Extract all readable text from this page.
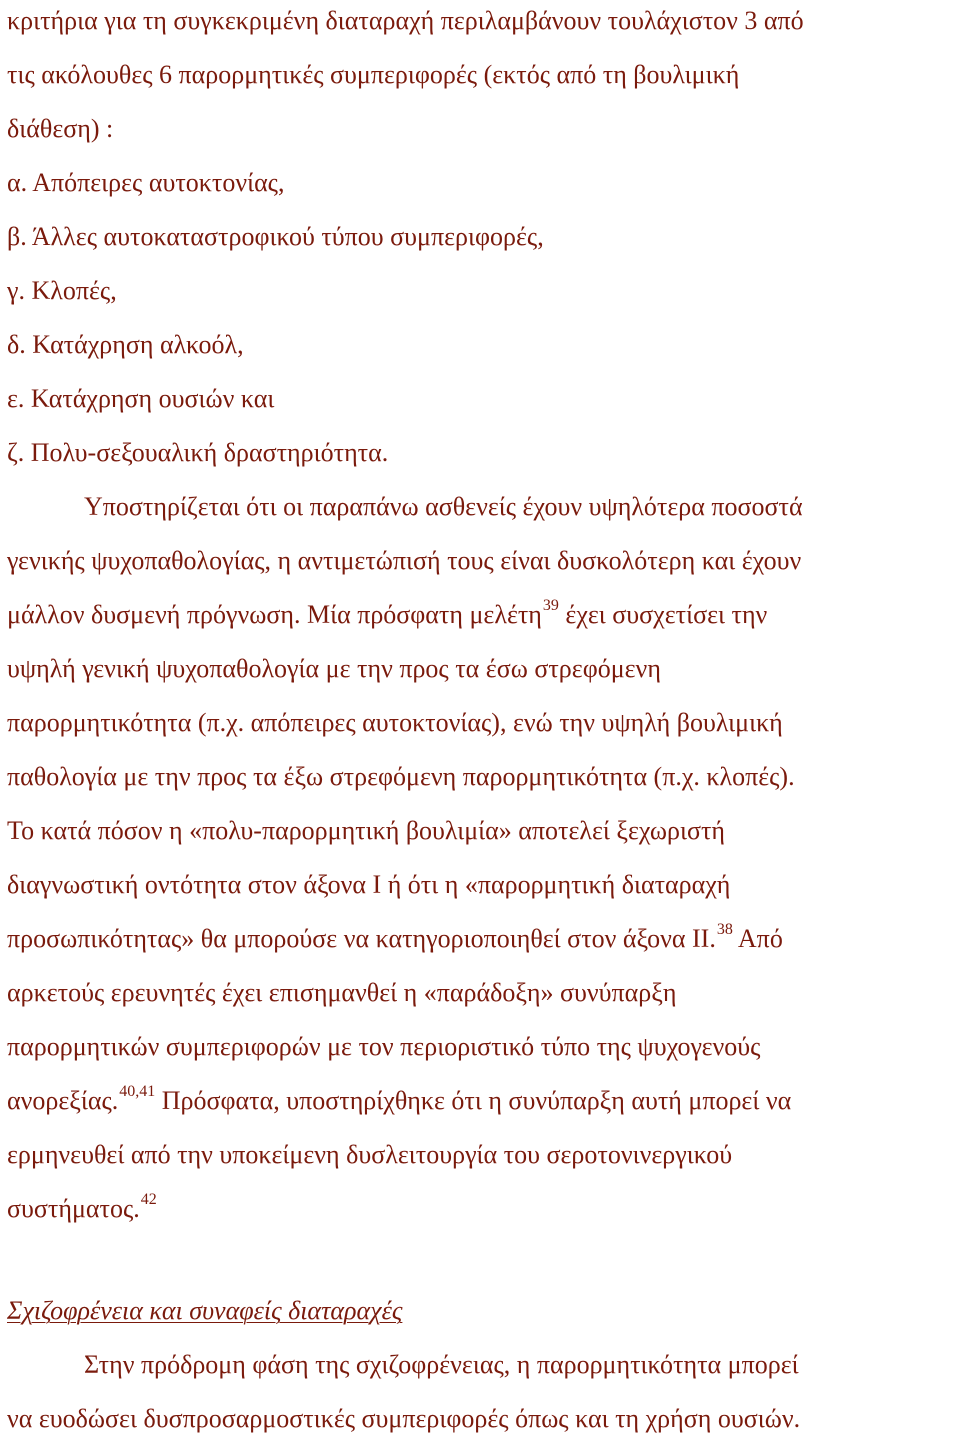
κριτήρια για τη συγκεκριμένη διαταραχή περιλαμβάνουν τουλάχιστον 3 από
τις ακόλουθες 6 παρορμητικές συμπεριφορές (εκτός από τη βουλιμική
διάθεση) :
α. Απόπειρες αυτοκτονίας,
β. Άλλες αυτοκαταστροφικού τύπου συμπεριφορές,
γ. Κλοπές,
δ. Κατάχρηση αλκοόλ,
ε. Κατάχρηση ουσιών και
ζ. Πολυ-σεξουαλική δραστηριότητα.
Υποστηρίζεται ότι οι παραπάνω ασθενείς έχουν υψηλότερα ποσοστά
γενικής ψυχοπαθολογίας, η αντιμετώπισή τους είναι δυσκολότερη και έχουν
μάλλον δυσμενή πρόγνωση. Μία πρόσφατη μελέτη$^{39}$ έχει συσχετίσει την
υψηλή γενική ψυχοπαθολογία με την προς τα έσω στρεφόμενη
παρορμητικότητα (π.χ. απόπειρες αυτοκτονίας), ενώ την υψηλή βουλιμική
παθολογία με την προς τα έξω στρεφόμενη παρορμητικότητα (π.χ. κλοπές).
Το κατά πόσον η «πολυ-παρορμητική βουλιμία» αποτελεί ξεχωριστή
διαγνωστική οντότητα στον άξονα Ι ή ότι η «παρορμητική διαταραχή
προσωπικότητας» θα μπορούσε να κατηγοριοποιηθεί στον άξονα ΙΙ.$^{38}$ Από
αρκετούς ερευνητές έχει επισημανθεί η «παράδοξη» συνύπαρξη
παρορμητικών συμπεριφορών με τον περιοριστικό τύπο της ψυχογενούς
ανορεξίας.$^{40,41}$ Πρόσφατα, υποστηρίχθηκε ότι η συνύπαρξη αυτή μπορεί να
ερμηνευθεί από την υποκείμενη δυσλειτουργία του σεροτονινεργικού
συστήματος.$^{42}$
Σχιζοφρένεια και συναφείς διαταραχές
Στην πρόδρομη φάση της σχιζοφρένειας, η παρορμητικότητα μπορεί
να ευοδώσει δυσπροσαρμοστικές συμπεριφορές όπως και τη χρήση ουσιών.
